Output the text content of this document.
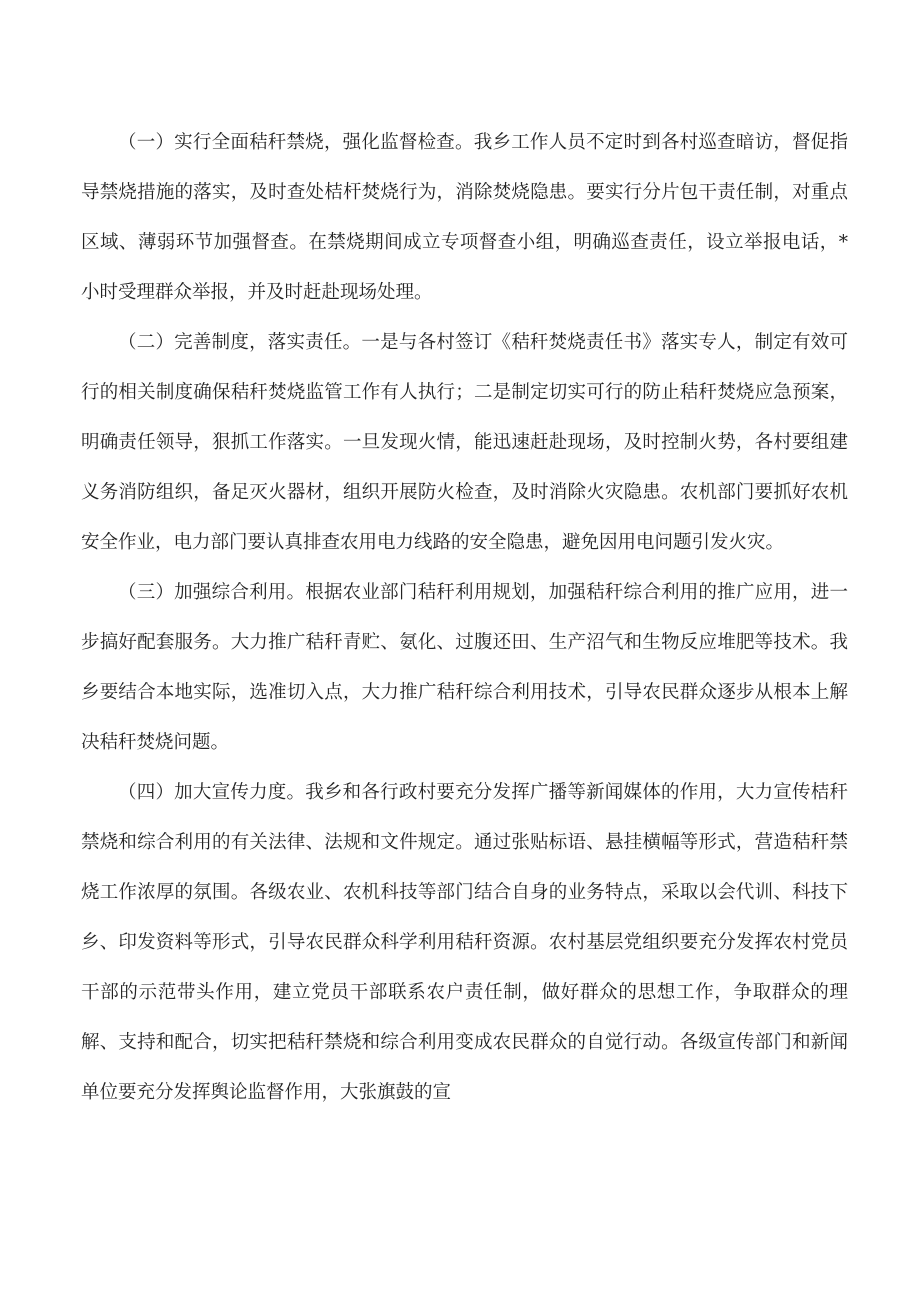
（一）实行全面秸秆禁烧，强化监督检查。我乡工作人员不定时到各村巡查暗访，督促指导禁烧措施的落实，及时查处桔杆焚烧行为，消除焚烧隐患。要实行分片包干责任制，对重点区域、薄弱环节加强督查。在禁烧期间成立专项督查小组，明确巡查责任，设立举报电话，*小时受理群众举报，并及时赶赴现场处理。

（二）完善制度，落实责任。一是与各村签订《秸秆焚烧责任书》落实专人，制定有效可行的相关制度确保秸秆焚烧监管工作有人执行；二是制定切实可行的防止秸秆焚烧应急预案，明确责任领导，狠抓工作落实。一旦发现火情，能迅速赶赴现场，及时控制火势，各村要组建义务消防组织，备足灭火器材，组织开展防火检查，及时消除火灾隐患。农机部门要抓好农机安全作业，电力部门要认真排查农用电力线路的安全隐患，避免因用电问题引发火灾。

（三）加强综合利用。根据农业部门秸秆利用规划，加强秸秆综合利用的推广应用，进一步搞好配套服务。大力推广秸秆青贮、氨化、过腹还田、生产沼气和生物反应堆肥等技术。我乡要结合本地实际，选准切入点，大力推广秸秆综合利用技术，引导农民群众逐步从根本上解决秸秆焚烧问题。

（四）加大宣传力度。我乡和各行政村要充分发挥广播等新闻媒体的作用，大力宣传桔秆禁烧和综合利用的有关法律、法规和文件规定。通过张贴标语、悬挂横幅等形式，营造秸秆禁烧工作浓厚的氛围。各级农业、农机科技等部门结合自身的业务特点，采取以会代训、科技下乡、印发资料等形式，引导农民群众科学利用秸秆资源。农村基层党组织要充分发挥农村党员干部的示范带头作用，建立党员干部联系农户责任制，做好群众的思想工作，争取群众的理解、支持和配合，切实把秸秆禁烧和综合利用变成农民群众的自觉行动。各级宣传部门和新闻单位要充分发挥舆论监督作用，大张旗鼓的宣
